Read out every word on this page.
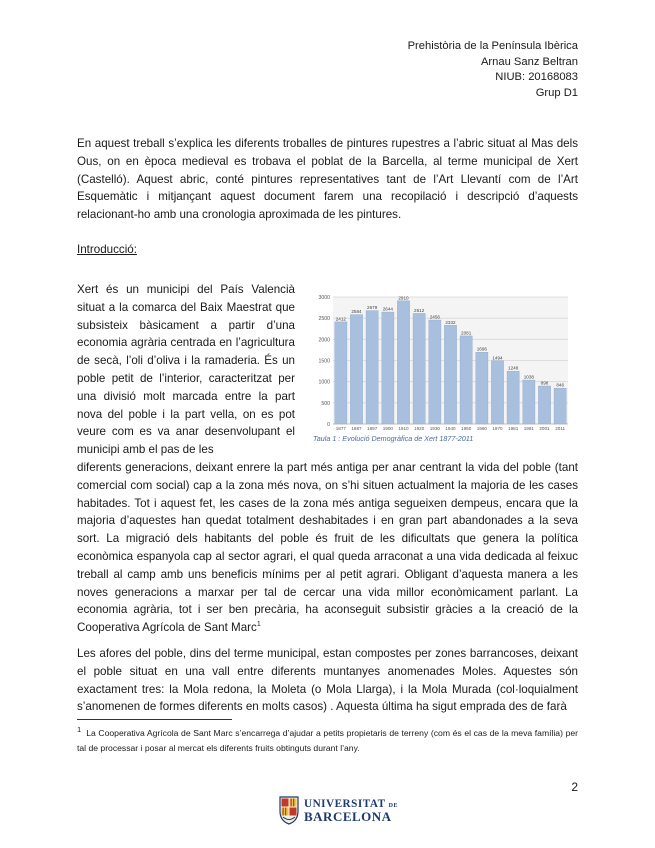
Prehistòria de la Península Ibèrica
Arnau Sanz Beltran
NIUB: 20168083
Grup D1
En aquest treball s’explica les diferents troballes de pintures rupestres a l’abric situat al Mas dels Ous, on en època medieval es trobava el poblat de la Barcella, al terme municipal de Xert (Castelló). Aquest abric, conté pintures representatives tant de l’Art Llevantí com de l’Art Esquemàtic i mitjançant aquest document farem una recopilació i descripció d’aquests relacionant-ho amb una cronologia aproximada de les pintures.
Introducció:
Xert és un municipi del País Valencià situat a la comarca del Baix Maestrat que subsisteix bàsicament a partir d’una economia agrària centrada en l’agricultura de secà, l’oli d’oliva i la ramaderia. És un poble petit de l’interior, caracteritzat per una divisió molt marcada entre la part nova del poble i la part vella, on es pot veure com es va anar desenvolupant el municipi amb el pas de les
0
500
1000
1500
2000
2500
3000
2412
1877
2584
1887
2679
1897
2644
1900
2910
1910
2612
1920
2456
1930
2332
1940
2081
1950
1696
1960
1494
1970
1248
1981
1038
1991
898
2001
846
2011
Taula 1 : Evolució Demogràfica de Xert 1877-2011
diferents generacions, deixant enrere la part més antiga per anar centrant la vida del poble (tant comercial com social) cap a la zona més nova, on s’hi situen actualment la majoria de les cases habitades. Tot i aquest fet, les cases de la zona més antiga segueixen dempeus, encara que la majoria d’aquestes han quedat totalment deshabitades i en gran part abandonades a la seva sort. La migració dels habitants del poble és fruit de les dificultats que genera la política econòmica espanyola cap al sector agrari, el qual queda arraconat a una vida dedicada al feixuc treball al camp amb uns beneficis mínims per al petit agrari. Obligant d’aquesta manera a les noves generacions a marxar per tal de cercar una vida millor econòmicament parlant. La economia agrària, tot i ser ben precària, ha aconseguit subsistir gràcies a la creació de la Cooperativa Agrícola de Sant Marc$^1$
Les afores del poble, dins del terme municipal, estan compostes per zones barrancoses, deixant el poble situat en una vall entre diferents muntanyes anomenades Moles. Aquestes són exactament tres: la Mola redona, la Moleta (o Mola Llarga), i la Mola Murada (col·loquialment s’anomenen de formes diferents en molts casos) . Aquesta última ha sigut emprada des de farà
1 La Cooperativa Agrícola de Sant Marc s’encarrega d’ajudar a petits propietaris de terreny (com és el cas de la meva família) per tal de processar i posar al mercat els diferents fruits obtinguts durant l’any.
2
UNIVERSITAT DE
BARCELONA
